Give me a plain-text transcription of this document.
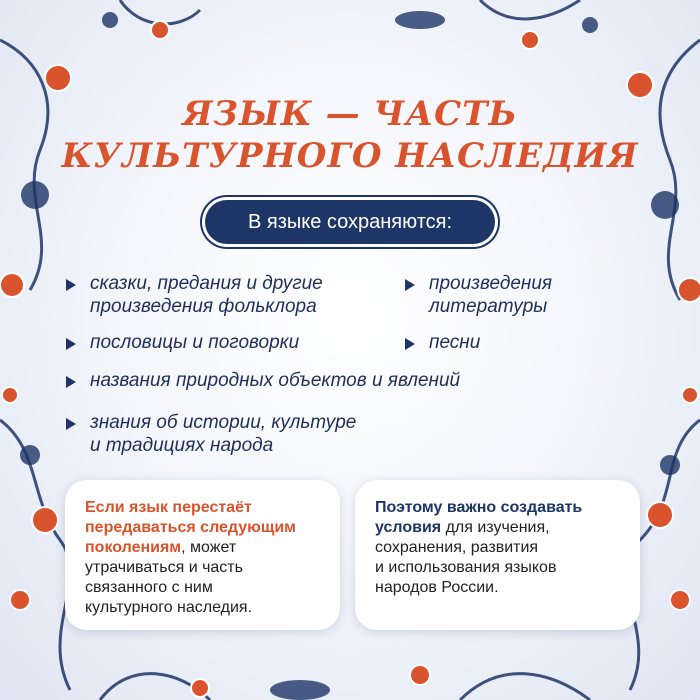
ЯЗЫК — ЧАСТЬ
КУЛЬТУРНОГО НАСЛЕДИЯ
В языке сохраняются:
сказки, предания и другие
произведения фольклора
произведения
литературы
пословицы и поговорки	песни
названия природных объектов и явлений
знания об истории, культуре
и традициях народа
Если язык перестаёт
передаваться следующим
поколениям, может
утрачиваться и часть
связанного с ним
культурного наследия.
Поэтому важно создавать
условия для изучения,
сохранения, развития
и использования языков
народов России.
